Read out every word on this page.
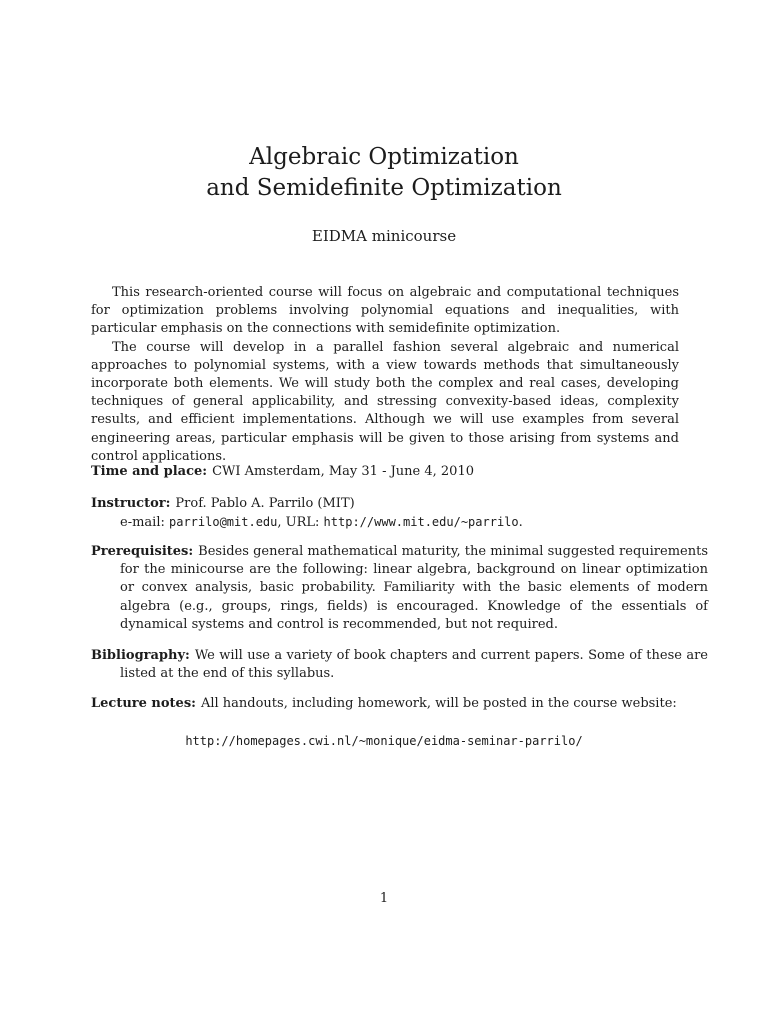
Algebraic Optimization
and Semidefinite Optimization
EIDMA minicourse

This research-oriented course will focus on algebraic and computational techniques for optimization problems involving polynomial equations and inequalities, with particular emphasis on the connections with semidefinite optimization.

The course will develop in a parallel fashion several algebraic and numerical approaches to polynomial systems, with a view towards methods that simultaneously incorporate both elements. We will study both the complex and real cases, developing techniques of general applicability, and stressing convexity-based ideas, complexity results, and efficient implementations. Although we will use examples from several engineering areas, particular emphasis will be given to those arising from systems and control applications.

Time and place: CWI Amsterdam, May 31 - June 4, 2010
Instructor: Prof. Pablo A. Parrilo (MIT)
e-mail: parrilo@mit.edu, URL: http://www.mit.edu/~parrilo.
Prerequisites: Besides general mathematical maturity, the minimal suggested requirements for the minicourse are the following: linear algebra, background on linear optimization or convex analysis, basic probability. Familiarity with the basic elements of modern algebra (e.g., groups, rings, fields) is encouraged. Knowledge of the essentials of dynamical systems and control is recommended, but not required.
Bibliography: We will use a variety of book chapters and current papers. Some of these are listed at the end of this syllabus.
Lecture notes: All handouts, including homework, will be posted in the course website:
http://homepages.cwi.nl/~monique/eidma-seminar-parrilo/
1
